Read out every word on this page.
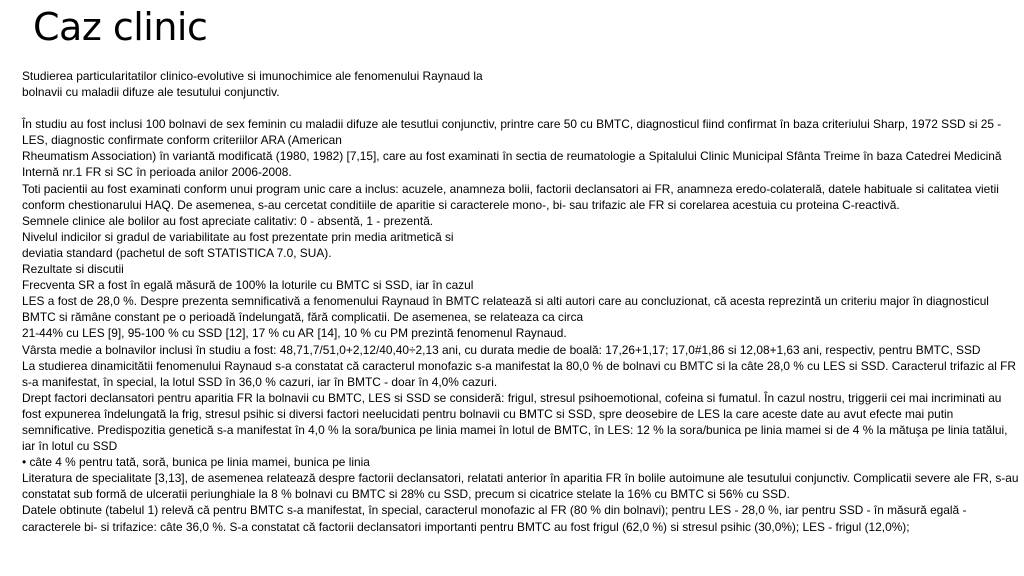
Caz clinic

Studierea particularitatilor clinico-evolutive si imunochimice ale fenomenului Raynaud la

bolnavii cu maladii difuze ale tesutului conjunctiv.

În studiu au fost inclusi 100 bolnavi de sex feminin cu maladii difuze ale tesutlui conjunctiv, printre care 50 cu BMTC, diagnosticul fiind confirmat în baza criteriului Sharp, 1972 SSD si 25 - LES, diagnostic confirmate conform criteriilor ARA (American

Rheumatism Association) în variantă modificată (1980, 1982) [7,15], care au fost examinati în sectia de reumatologie a Spitalului Clinic Municipal Sfânta Treime în baza Catedrei Medicină Internă nr.1 FR si SC în perioada anilor 2006-2008.

Toti pacientii au fost examinati conform unui program unic care a inclus: acuzele, anamneza bolii, factorii declansatori ai FR, anamneza eredo-colaterală, datele habituale si calitatea vietii conform chestionarului HAQ. De asemenea, s-au cercetat conditiile de aparitie si caracterele mono-, bi- sau trifazic ale FR si corelarea acestuia cu proteina C-reactivă.

Semnele clinice ale bolilor au fost apreciate calitativ: 0 - absentă, 1 - prezentă.

Nivelul indicilor si gradul de variabilitate au fost prezentate prin media aritmetică si

deviatia standard (pachetul de soft STATISTICA 7.0, SUA).

Rezultate si discutii

Frecventa SR a fost în egală măsură de 100% la loturile cu BMTC si SSD, iar în cazul

LES a fost de 28,0 %. Despre prezenta semnificativă a fenomenului Raynaud în BMTC relatează si alti autori care au concluzionat, că acesta reprezintă un criteriu major în diagnosticul BMTC si rămâne constant pe o perioadă îndelungată, fără complicatii. De asemenea, se relateaza ca circa

21-44% cu LES [9], 95-100 % cu SSD [12], 17 % cu AR [14], 10 % cu PM prezintă fenomenul Raynaud.

Vârsta medie a bolnavilor inclusi în studiu a fost: 48,71,7/51,0+2,12/40,40÷2,13 ani, cu durata medie de boală: 17,26+1,17; 17,0#1,86 si 12,08+1,63 ani, respectiv, pentru BMTC, SSD

La studierea dinamicitătii fenomenului Raynaud s-a constatat că caracterul monofazic s-a manifestat la 80,0 % de bolnavi cu BMTC si la câte 28,0 % cu LES si SSD. Caracterul trifazic al FR s-a manifestat, în special, la lotul SSD în 36,0 % cazuri, iar în BMTC - doar în 4,0% cazuri.

Drept factori declansatori pentru aparitia FR la bolnavii cu BMTC, LES si SSD se consideră: frigul, stresul psihoemotional, cofeina si fumatul. În cazul nostru, triggerii cei mai incriminati au fost expunerea îndelungată la frig, stresul psihic si diversi factori neelucidati pentru bolnavii cu BMTC si SSD, spre deosebire de LES la care aceste date au avut efecte mai putin semnificative. Predispozitia genetică s-a manifestat în 4,0 % la sora/bunica pe linia mamei în lotul de BMTC, în LES: 12 % la sora/bunica pe linia mamei si de 4 % la mătuşa pe linia tatălui, iar în lotul cu SSD

• câte 4 % pentru tată, soră, bunica pe linia mamei, bunica pe linia

Literatura de specialitate [3,13], de asemenea relatează despre factorii declansatori, relatati anterior în aparitia FR în bolile autoimune ale tesutului conjunctiv. Complicatii severe ale FR, s-au constatat sub formă de ulceratii periunghiale la 8 % bolnavi cu BMTC si 28% cu SSD, precum si cicatrice stelate la 16% cu BMTC si 56% cu SSD.

Datele obtinute (tabelul 1) relevă că pentru BMTC s-a manifestat, în special, caracterul monofazic al FR (80 % din bolnavi); pentru LES - 28,0 %, iar pentru SSD - în măsură egală - caracterele bi- si trifazice: câte 36,0 %. S-a constatat că factorii declansatori importanti pentru BMTC au fost frigul (62,0 %) si stresul psihic (30,0%); LES - frigul (12,0%);
